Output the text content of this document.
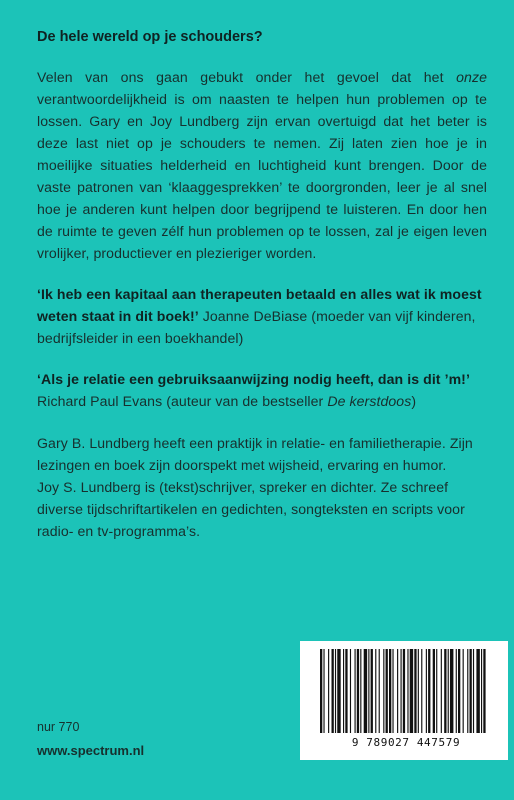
De hele wereld op je schouders?

Velen van ons gaan gebukt onder het gevoel dat het onze verantwoordelijkheid is om naasten te helpen hun problemen op te lossen. Gary en Joy Lundberg zijn ervan overtuigd dat het beter is deze last niet op je schouders te nemen. Zij laten zien hoe je in moeilijke situaties helderheid en luchtigheid kunt brengen. Door de vaste patronen van ‘klaaggesprekken’ te doorgronden, leer je al snel hoe je anderen kunt helpen door begrijpend te luisteren. En door hen de ruimte te geven zélf hun problemen op te lossen, zal je eigen leven vrolijker, productiever en plezieriger worden.

‘Ik heb een kapitaal aan therapeuten betaald en alles wat ik moest weten staat in dit boek!’ Joanne DeBiase (moeder van vijf kinderen, bedrijfsleider in een boekhandel)

‘Als je relatie een gebruiksaanwijzing nodig heeft, dan is dit ’m!’
Richard Paul Evans (auteur van de bestseller De kerstdoos)

Gary B. Lundberg heeft een praktijk in relatie- en familietherapie. Zijn lezingen en boek zijn doorspekt met wijsheid, ervaring en humor.
Joy S. Lundberg is (tekst)schrijver, spreker en dichter. Ze schreef diverse tijdschriftartikelen en gedichten, songteksten en scripts voor radio- en tv-programma’s.

nur 770
www.spectrum.nl
9 789027 447579
